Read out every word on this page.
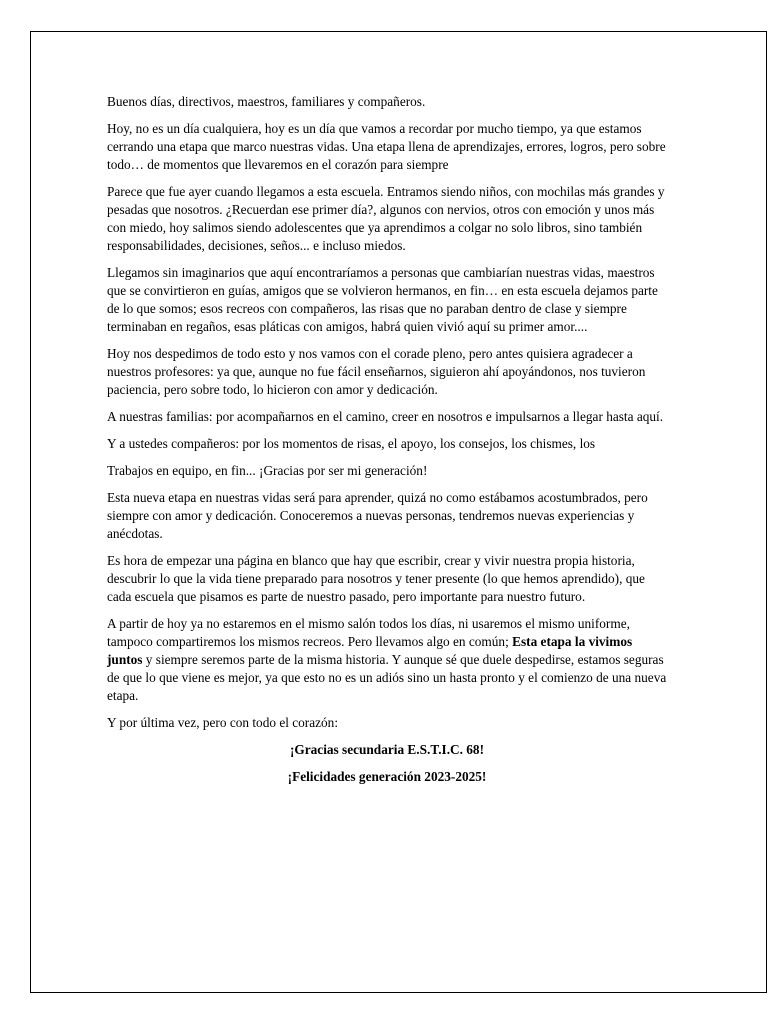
Buenos días, directivos, maestros, familiares y compañeros.

Hoy, no es un día cualquiera, hoy es un día que vamos a recordar por mucho tiempo, ya que estamos cerrando una etapa que marco nuestras vidas. Una etapa llena de aprendizajes, errores, logros, pero sobre todo… de momentos que llevaremos en el corazón para siempre

Parece que fue ayer cuando llegamos a esta escuela. Entramos siendo niños, con mochilas más grandes y pesadas que nosotros. ¿Recuerdan ese primer día?, algunos con nervios, otros con emoción y unos más con miedo, hoy salimos siendo adolescentes que ya aprendimos a colgar no solo libros, sino también responsabilidades, decisiones, seños... e incluso miedos.

Llegamos sin imaginarios que aquí encontraríamos a personas que cambiarían nuestras vidas, maestros que se convirtieron en guías, amigos que se volvieron hermanos, en fin… en esta escuela dejamos parte de lo que somos; esos recreos con compañeros, las risas que no paraban dentro de clase y siempre terminaban en regaños, esas pláticas con amigos, habrá quien vivió aquí su primer amor....

Hoy nos despedimos de todo esto y nos vamos con el corade pleno, pero antes quisiera agradecer a nuestros profesores: ya que, aunque no fue fácil enseñarnos, siguieron ahí apoyándonos, nos tuvieron paciencia, pero sobre todo, lo hicieron con amor y dedicación.

A nuestras familias: por acompañarnos en el camino, creer en nosotros e impulsarnos a llegar hasta aquí.

Y a ustedes compañeros: por los momentos de risas, el apoyo, los consejos, los chismes, los

Trabajos en equipo, en fin... ¡Gracias por ser mi generación!

Esta nueva etapa en nuestras vidas será para aprender, quizá no como estábamos acostumbrados, pero siempre con amor y dedicación. Conoceremos a nuevas personas, tendremos nuevas experiencias y anécdotas.

Es hora de empezar una página en blanco que hay que escribir, crear y vivir nuestra propia historia, descubrir lo que la vida tiene preparado para nosotros y tener presente (lo que hemos aprendido), que cada escuela que pisamos es parte de nuestro pasado, pero importante para nuestro futuro.

A partir de hoy ya no estaremos en el mismo salón todos los días, ni usaremos el mismo uniforme, tampoco compartiremos los mismos recreos. Pero llevamos algo en común; Esta etapa la vivimos juntos y siempre seremos parte de la misma historia. Y aunque sé que duele despedirse, estamos seguras de que lo que viene es mejor, ya que esto no es un adiós sino un hasta pronto y el comienzo de una nueva etapa.

Y por última vez, pero con todo el corazón:

¡Gracias secundaria E.S.T.I.C. 68!

¡Felicidades generación 2023-2025!
